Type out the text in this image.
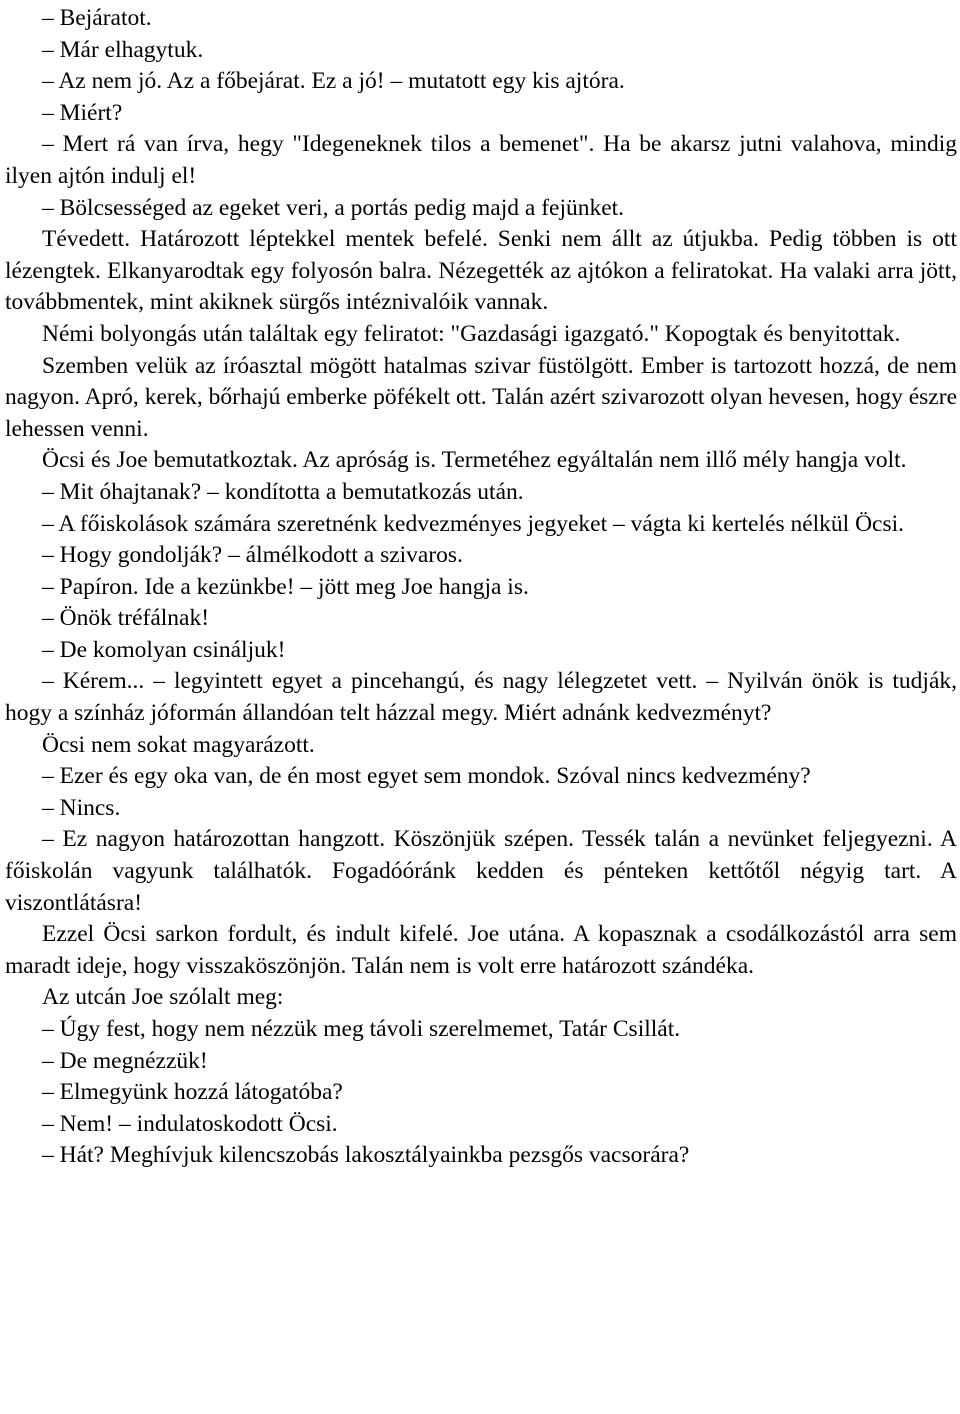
– Bejáratot.

– Már elhagytuk.

– Az nem jó. Az a főbejárat. Ez a jó! – mutatott egy kis ajtóra.

– Miért?

– Mert rá van írva, hegy "Idegeneknek tilos a bemenet". Ha be akarsz jutni valahova, mindig ilyen ajtón indulj el!

– Bölcsességed az egeket veri, a portás pedig majd a fejünket.

Tévedett. Határozott léptekkel mentek befelé. Senki nem állt az útjukba. Pedig többen is ott lézengtek. Elkanyarodtak egy folyosón balra. Nézegették az ajtókon a feliratokat. Ha valaki arra jött, továbbmentek, mint akiknek sürgős intéznivalóik vannak.

Némi bolyongás után találtak egy feliratot: "Gazdasági igazgató." Kopogtak és benyitottak.

Szemben velük az íróasztal mögött hatalmas szivar füstölgött. Ember is tartozott hozzá, de nem nagyon. Apró, kerek, bőrhajú emberke pöfékelt ott. Talán azért szivarozott olyan hevesen, hogy észre lehessen venni.

Öcsi és Joe bemutatkoztak. Az apróság is. Termetéhez egyáltalán nem illő mély hangja volt.

– Mit óhajtanak? – kondította a bemutatkozás után.

– A főiskolások számára szeretnénk kedvezményes jegyeket – vágta ki kertelés nélkül Öcsi.

– Hogy gondolják? – álmélkodott a szivaros.

– Papíron. Ide a kezünkbe! – jött meg Joe hangja is.

– Önök tréfálnak!

– De komolyan csináljuk!

– Kérem... – legyintett egyet a pincehangú, és nagy lélegzetet vett. – Nyilván önök is tudják, hogy a színház jóformán állandóan telt házzal megy. Miért adnánk kedvezményt?

Öcsi nem sokat magyarázott.

– Ezer és egy oka van, de én most egyet sem mondok. Szóval nincs kedvezmény?

– Nincs.

– Ez nagyon határozottan hangzott. Köszönjük szépen. Tessék talán a nevünket feljegyezni. A főiskolán vagyunk találhatók. Fogadóóránk kedden és pénteken kettőtől négyig tart. A viszontlátásra!

Ezzel Öcsi sarkon fordult, és indult kifelé. Joe utána. A kopasznak a csodálkozástól arra sem maradt ideje, hogy visszaköszönjön. Talán nem is volt erre határozott szándéka.

Az utcán Joe szólalt meg:

– Úgy fest, hogy nem nézzük meg távoli szerelmemet, Tatár Csillát.

– De megnézzük!

– Elmegyünk hozzá látogatóba?

– Nem! – indulatoskodott Öcsi.

– Hát? Meghívjuk kilencszobás lakosztályainkba pezsgős vacsorára?
